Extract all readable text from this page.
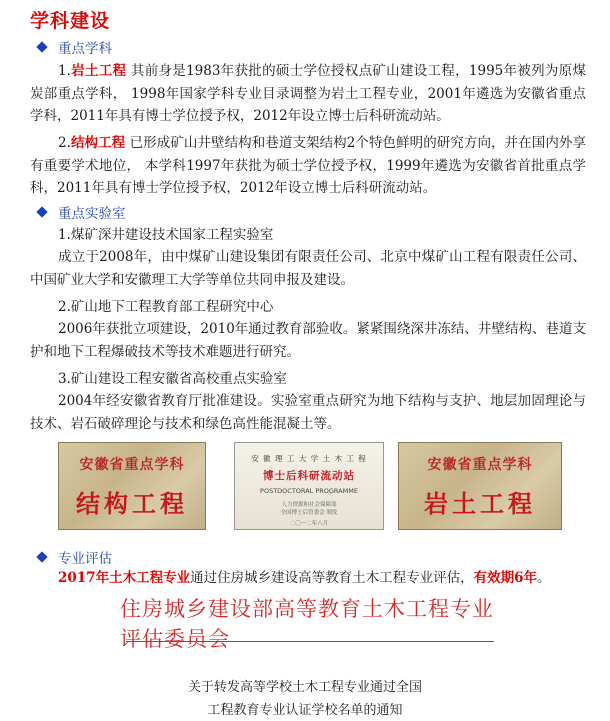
学科建设
重点学科
1.岩土工程 其前身是1983年获批的硕士学位授权点矿山建设工程，1995年被列为原煤炭部重点学科， 1998年国家学科专业目录调整为岩土工程专业，2001年遴选为安徽省重点学科，2011年具有博士学位授予权，2012年设立博士后科研流动站。
2.结构工程 已形成矿山井壁结构和巷道支架结构2个特色鲜明的研究方向，并在国内外享有重要学术地位， 本学科1997年获批为硕士学位授予权，1999年遴选为安徽省首批重点学科，2011年具有博士学位授予权，2012年设立博士后科研流动站。
重点实验室
1.煤矿深井建设技术国家工程实验室
成立于2008年，由中煤矿山建设集团有限责任公司、北京中煤矿山工程有限责任公司、中国矿业大学和安徽理工大学等单位共同申报及建设。
2.矿山地下工程教育部工程研究中心
2006年获批立项建设，2010年通过教育部验收。紧紧围绕深井冻结、井壁结构、巷道支护和地下工程爆破技术等技术难题进行研究。
3.矿山建设工程安徽省高校重点实验室
2004年经安徽省教育厅批准建设。实验室重点研究为地下结构与支护、地层加固理论与技术、岩石破碎理论与技术和绿色高性能混凝土等。
安徽省重点学科
结构工程
安 徽 理 工 大 学 土 木 工 程
博士后科研流动站
POSTDOCTORAL PROGRAMME
人力资源和社会保障部
全国博士后管委会 制发
二〇一二年八月
安徽省重点学科
岩土工程
专业评估
2017年土木工程专业通过住房城乡建设高等教育土木工程专业评估，有效期6年。
住房城乡建设部高等教育土木工程专业评估委员会
关于转发高等学校土木工程专业通过全国
工程教育专业认证学校名单的通知
